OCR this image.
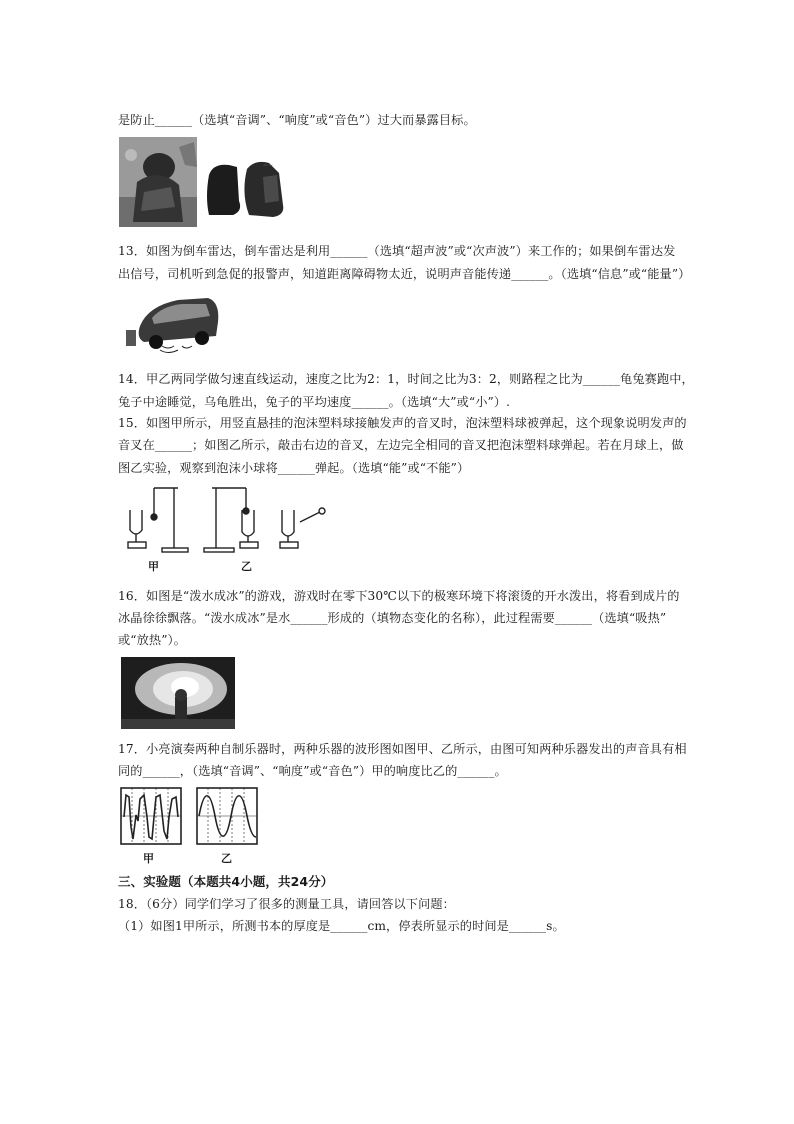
是防止______（选填“音调”、“响度”或“音色”）过大而暴露目标。
~~
13．如图为倒车雷达，倒车雷达是利用______（选填“超声波”或“次声波”）来工作的；如果倒车雷达发
出信号，司机听到急促的报警声，知道距离障碍物太近，说明声音能传递______。（选填“信息”或“能量”）
14．甲乙两同学做匀速直线运动，速度之比为2：1，时间之比为3：2，则路程之比为______龟兔赛跑中，
兔子中途睡觉，乌龟胜出，兔子的平均速度______。（选填“大”或“小”）.
15．如图甲所示，用竖直悬挂的泡沫塑料球接触发声的音叉时，泡沫塑料球被弹起，这个现象说明发声的
音叉在______；如图乙所示，敲击右边的音叉，左边完全相同的音叉把泡沫塑料球弹起。若在月球上，做
图乙实验，观察到泡沫小球将______弹起。（选填“能”或“不能”）
甲	乙
16．如图是“泼水成冰”的游戏，游戏时在零下30℃以下的极寒环境下将滚烫的开水泼出，将看到成片的
冰晶徐徐飘落。“泼水成冰”是水______形成的（填物态变化的名称），此过程需要______（选填“吸热”
或“放热”）。
17．小亮演奏两种自制乐器时，两种乐器的波形图如图甲、乙所示，由图可知两种乐器发出的声音具有相
同的______，（选填“音调”、“响度”或“音色”）甲的响度比乙的______。
甲	乙
三、实验题（本题共4小题，共24分）
18．（6分）同学们学习了很多的测量工具，请回答以下问题：
（1）如图1甲所示，所测书本的厚度是______cm，停表所显示的时间是______s。
